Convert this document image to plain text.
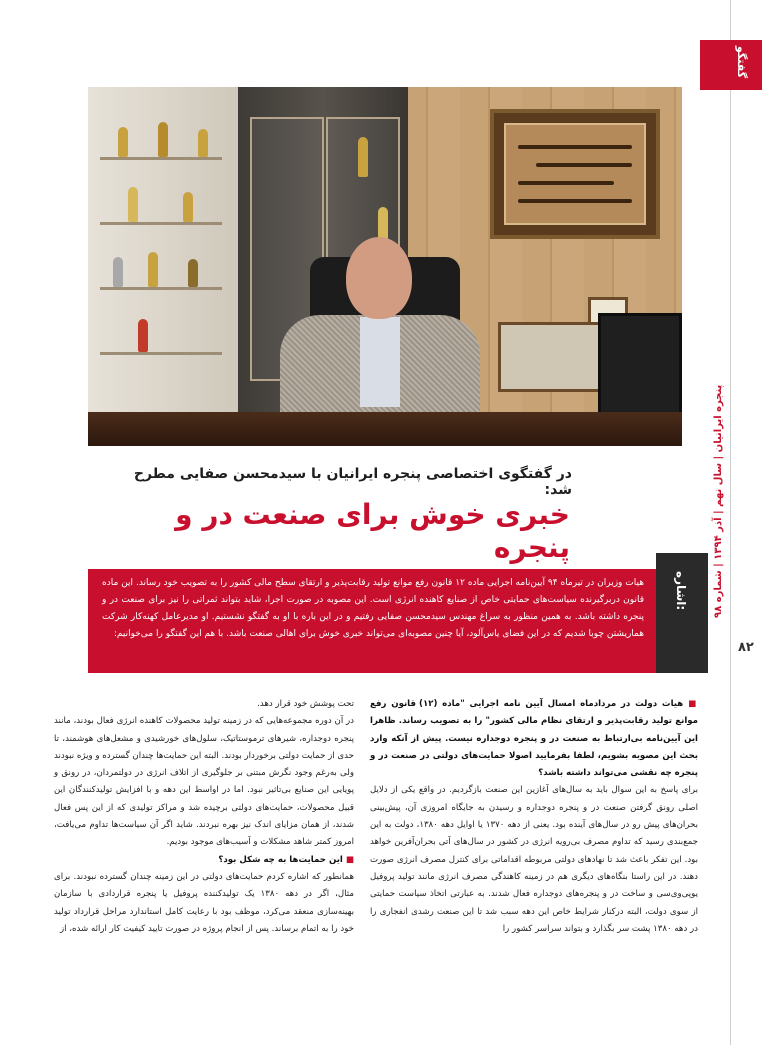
گفتگو
پنجره ایرانیان | سال نهم | آذر ۱۳۹۴ | شماره ۹۸
۸۲
در گفتگوی اختصاصی پنجره ایرانیان با سیدمحسن صفایی مطرح شد:
خبری خوش برای صنعت در و پنجره
اشاره:

هیات وزیران در تیرماه ۹۴ آیین‌نامه اجرایی ماده ۱۲ قانون رفع موانع تولید رقابت‌پذیر و ارتقای سطح مالی کشور را به تصویب خود رساند. این ماده قانون دربرگیرنده سیاست‌های حمایتی خاص از صنایع کاهنده انرژی است. این مصوبه در صورت اجرا، شاید بتواند ثمراتی را نیز برای صنعت در و پنجره داشته باشد. به همین منظور به سراغ مهندس سیدمحسن صفایی رفتیم و در این باره با او به گفتگو نشستیم. او مدیرعامل کهنه‌کار شرکت هماریشتن چوبا شدیم که در این فضای یاس‌آلود، آیا چنین مصوبه‌ای می‌تواند خبری خوش برای اهالی صنعت باشد. با هم این گفتگو را می‌خوانیم:

■ هیات دولت در مردادماه امسال آیین نامه اجرایی "ماده (۱۲) قانون رفع موانع تولید رقابت‌پذیر و ارتقای نظام مالی کشور" را به تصویب رساند. ظاهرا این آیین‌نامه بی‌ارتباط به صنعت در و پنجره دوجداره نیست. پیش از آنکه وارد بحث این مصوبه بشویم، لطفا بفرمایید اصولا حمایت‌های دولتی در صنعت در و پنجره چه نقشی می‌تواند داشته باشد؟

برای پاسخ به این سوال باید به سال‌های آغازین این صنعت بازگردیم. در واقع یکی از دلایل اصلی رونق گرفتن صنعت در و پنجره دوجداره و رسیدن به جایگاه امروزی آن، پیش‌بینی بحران‌های پیش رو در سال‌های آینده بود. یعنی از دهه ۱۳۷۰ یا اوایل دهه ۱۳۸۰، دولت به این جمع‌بندی رسید که تداوم مصرف بی‌رویه انرژی در کشور در سال‌های آتی بحران‌آفرین خواهد بود. این تفکر باعث شد تا نهادهای دولتی مربوطه اقداماتی برای کنترل مصرف انرژی صورت دهند. در این راستا بنگاه‌های دیگری هم در زمینه کاهندگی مصرف انرژی مانند تولید پروفیل یوپی‌وی‌سی و ساخت در و پنجره‌های دوجداره فعال شدند. به عبارتی اتخاذ سیاست حمایتی از سوی دولت، البته درکنار شرایط خاص این دهه سبب شد تا این صنعت رشدی انفجاری را در دهه ۱۳۸۰ پشت سر بگذارد و بتواند سراسر کشور را

تحت پوشش خود قرار دهد.

در آن دوره مجموعه‌هایی که در زمینه تولید محصولات کاهنده انرژی فعال بودند، مانند پنجره دوجداره، شیرهای ترموستاتیک، سلول‌های خورشیدی و مشعل‌های هوشمند، تا حدی از حمایت دولتی برخوردار بودند. البته این حمایت‌ها چندان گسترده و ویژه نبودند ولی به‌رغم وجود نگرش مبتنی بر جلوگیری از اتلاف انرژی در دولتمردان، در رونق و پویایی این صنایع بی‌تاثیر نبود. اما در اواسط این دهه و با افزایش تولیدکنندگان این قبیل محصولات، حمایت‌های دولتی برچیده شد و مراکز تولیدی که از این پس فعال شدند، از همان مزایای اندک نیز بهره نبردند. شاید اگر آن سیاست‌ها تداوم می‌یافت، امروز کمتر شاهد مشکلات و آسیب‌های موجود بودیم.

■ این حمایت‌ها به چه شکل بود؟

همانطور که اشاره کردم حمایت‌های دولتی در این زمینه چندان گسترده نبودند. برای مثال، اگر در دهه ۱۳۸۰ یک تولیدکننده پروفیل یا پنجره قراردادی با سازمان بهینه‌سازی منعقد می‌کرد، موظف بود با رعایت کامل استاندارد مراحل قرارداد تولید خود را به اتمام برساند. پس از انجام پروژه در صورت تایید کیفیت کار ارائه شده، از
